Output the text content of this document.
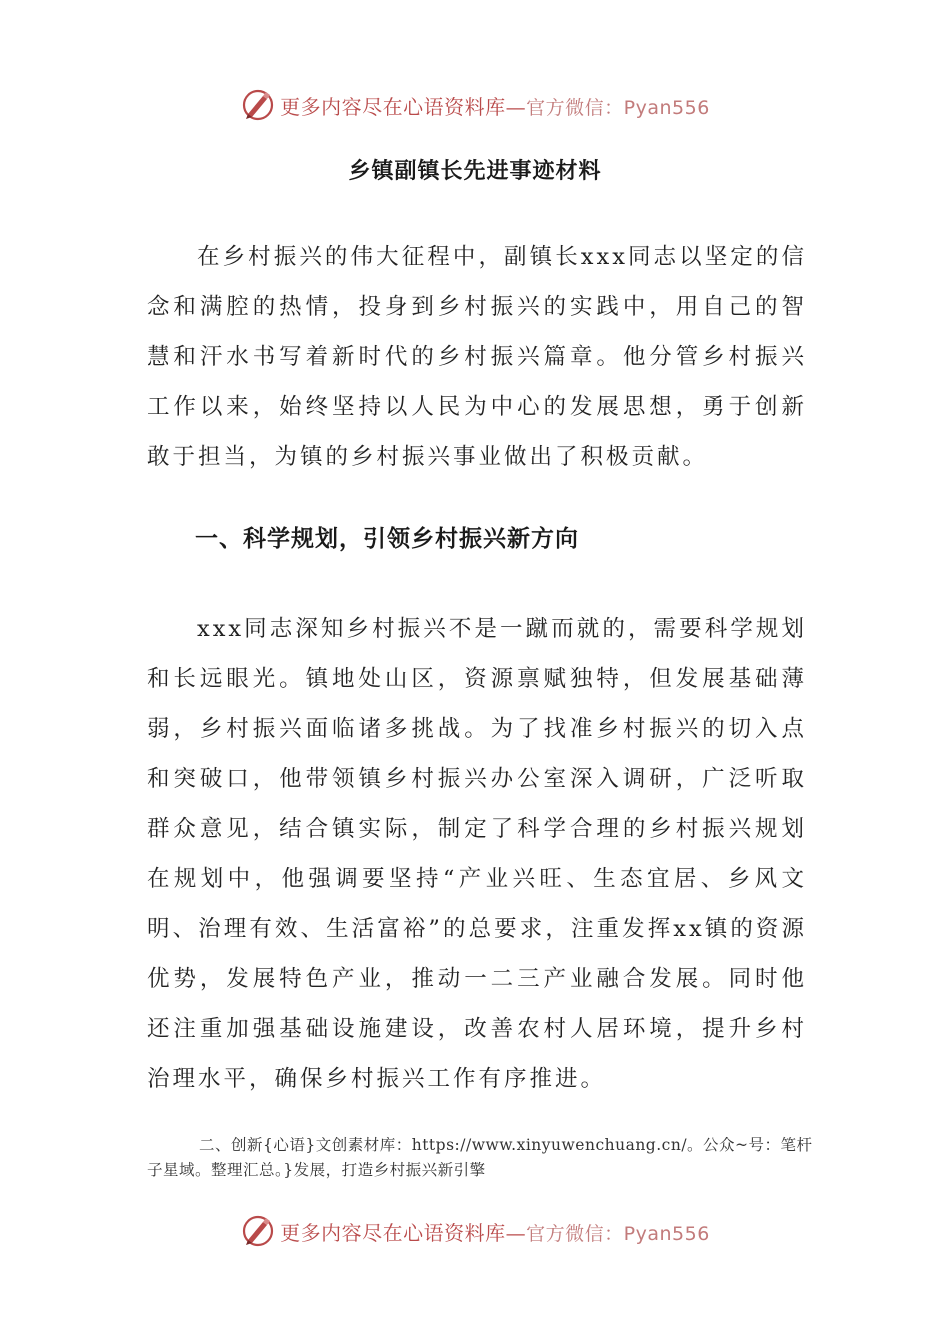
更多内容尽在心语资料库—官方微信：Pyan556
乡镇副镇长先进事迹材料
在乡村振兴的伟大征程中，副镇长xxx同志以坚定的信念和满腔的热情，投身到乡村振兴的实践中，用自己的智慧和汗水书写着新时代的乡村振兴篇章。他分管乡村振兴工作以来，始终坚持以人民为中心的发展思想，勇于创新敢于担当，为镇的乡村振兴事业做出了积极贡献。
一、科学规划，引领乡村振兴新方向
xxx同志深知乡村振兴不是一蹴而就的，需要科学规划和长远眼光。镇地处山区，资源禀赋独特，但发展基础薄弱，乡村振兴面临诸多挑战。为了找准乡村振兴的切入点和突破口，他带领镇乡村振兴办公室深入调研，广泛听取群众意见，结合镇实际，制定了科学合理的乡村振兴规划在规划中，他强调要坚持“产业兴旺、生态宜居、乡风文明、治理有效、生活富裕”的总要求，注重发挥xx镇的资源优势，发展特色产业，推动一二三产业融合发展。同时他还注重加强基础设施建设，改善农村人居环境，提升乡村治理水平，确保乡村振兴工作有序推进。
二、创新{心语}文创素材库：https://www.xinyuwenchuang.cn/。公众~号：笔杆子星域。整理汇总。}发展，打造乡村振兴新引擎
更多内容尽在心语资料库—官方微信：Pyan556
